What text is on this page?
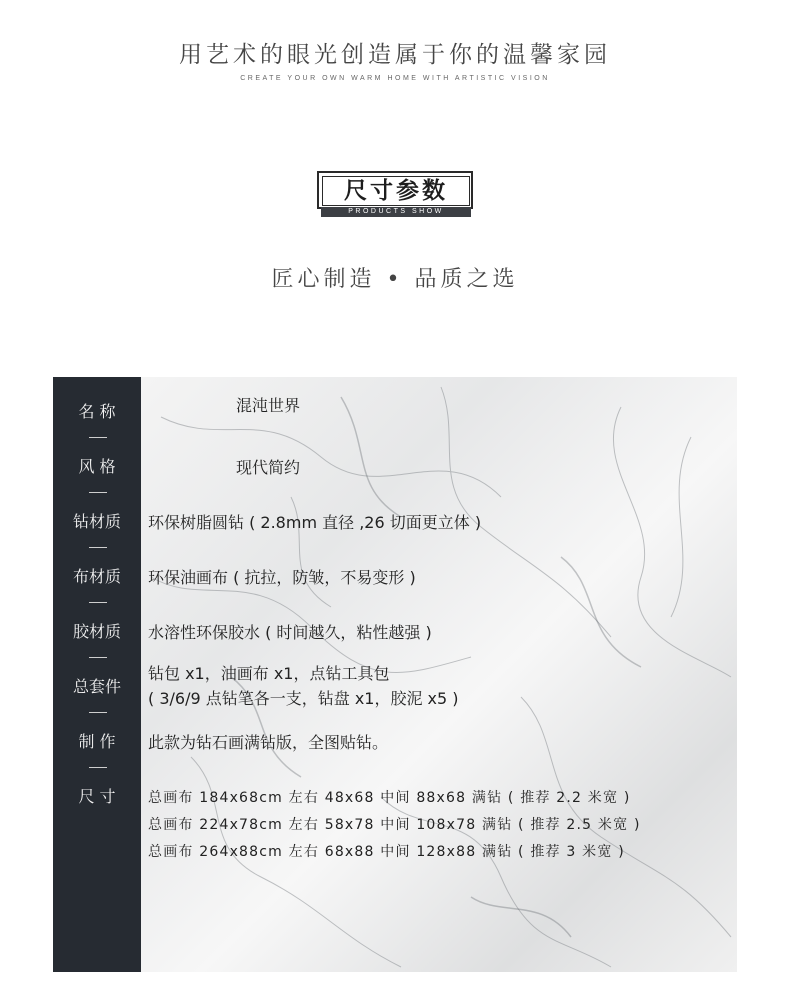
用艺术的眼光创造属于你的温馨家园
CREATE YOUR OWN WARM HOME WITH ARTISTIC VISION
尺寸参数
PRODUCTS SHOW
匠心制造 • 品质之选
名 称
风 格
钻材质
布材质
胶材质
总套件
制 作
尺 寸
混沌世界
现代简约
环保树脂圆钻 ( 2.8mm 直径 ,26 切面更立体 )
环保油画布 ( 抗拉，防皱，不易变形 )
水溶性环保胶水 ( 时间越久，粘性越强 )
钻包 x1，油画布 x1，点钻工具包
( 3/6/9 点钻笔各一支，钻盘 x1，胶泥 x5 )
此款为钻石画满钻版，全图贴钻。
总画布 184x68cm 左右 48x68 中间 88x68 满钻 ( 推荐 2.2 米宽 )
总画布 224x78cm 左右 58x78 中间 108x78 满钻 ( 推荐 2.5 米宽 )
总画布 264x88cm 左右 68x88 中间 128x88 满钻 ( 推荐 3 米宽 )
